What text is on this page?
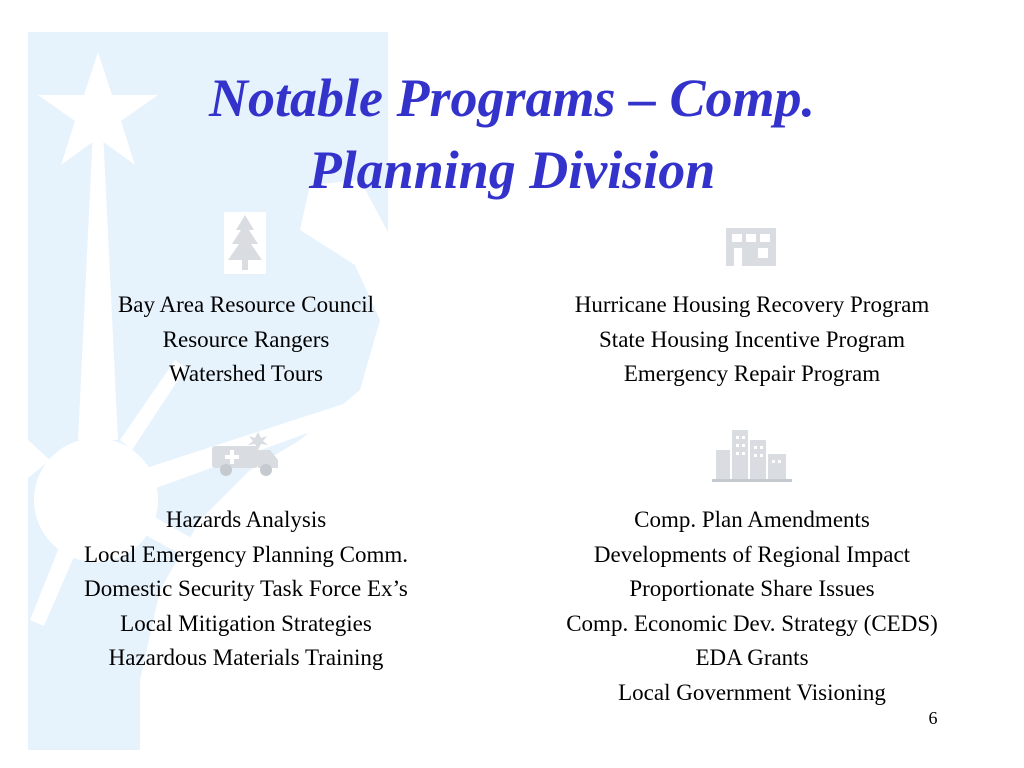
Notable Programs – Comp.
Planning Division
Bay Area Resource Council
Resource Rangers
Watershed Tours
Hurricane Housing Recovery Program
State Housing Incentive Program
Emergency Repair Program
Hazards Analysis
Local Emergency Planning Comm.
Domestic Security Task Force Ex’s
Local Mitigation Strategies
Hazardous Materials Training
Comp. Plan Amendments
Developments of Regional Impact
Proportionate Share Issues
Comp. Economic Dev. Strategy (CEDS)
EDA Grants
Local Government Visioning
6
